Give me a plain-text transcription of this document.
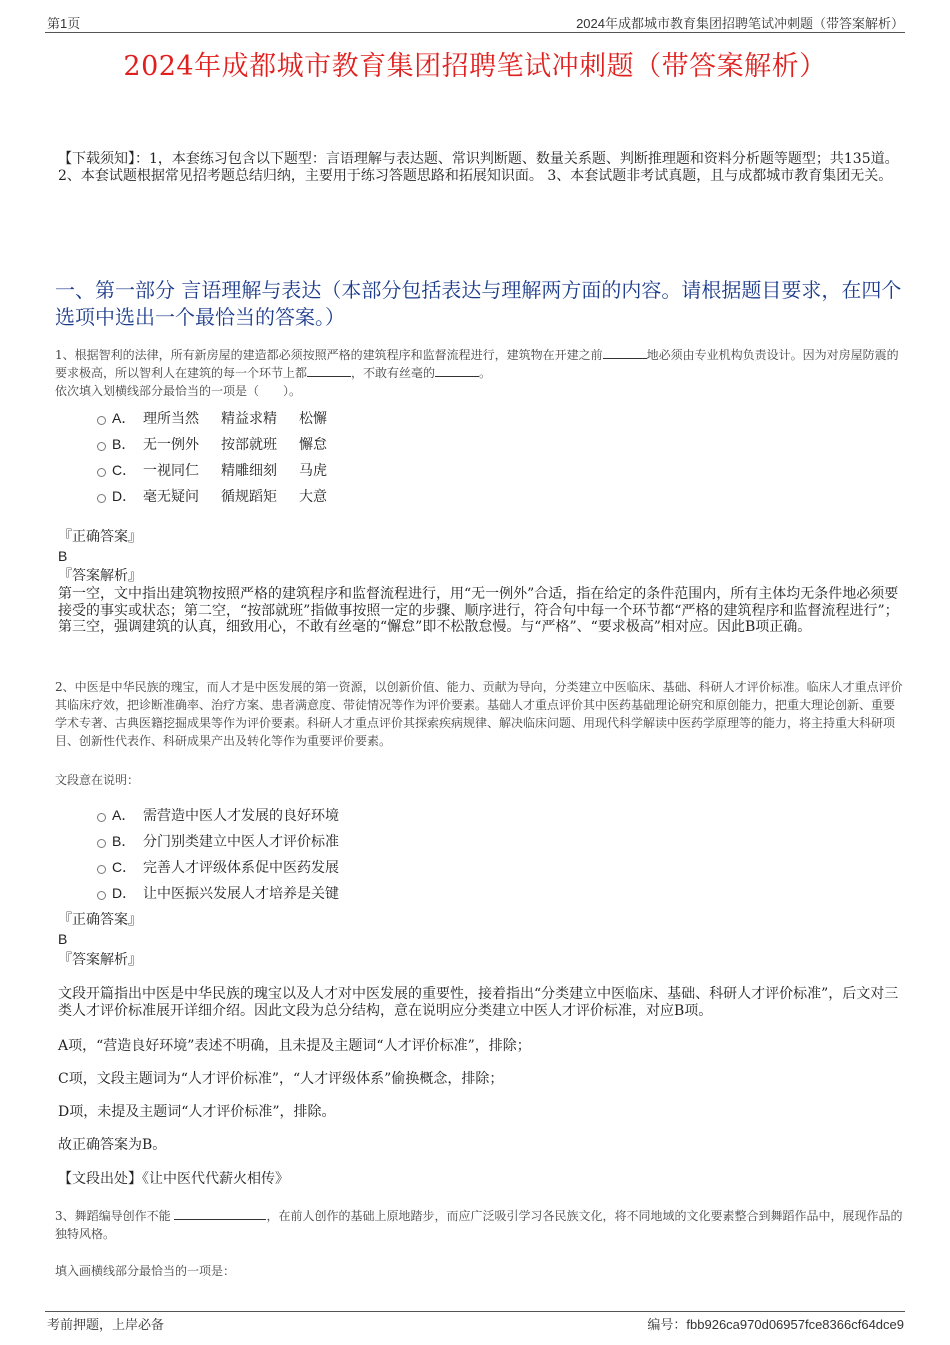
第1页	2024年成都城市教育集团招聘笔试冲刺题（带答案解析）
2024年成都城市教育集团招聘笔试冲刺题（带答案解析）
【下载须知】：1，本套练习包含以下题型：言语理解与表达题、常识判断题、数量关系题、判断推理题和资料分析题等题型；共135道。 2、本套试题根据常见招考题总结归纳，主要用于练习答题思路和拓展知识面。 3、本套试题非考试真题，且与成都城市教育集团无关。
一、第一部分 言语理解与表达（本部分包括表达与理解两方面的内容。请根据题目要求，在四个选项中选出一个最恰当的答案。）
1、根据智利的法律，所有新房屋的建造都必须按照严格的建筑程序和监督流程进行，建筑物在开建之前	地必须由专业机构负责设计。因为对房屋防震的要求极高，所以智利人在建筑的每一个环节上都	，不敢有丝毫的	。
依次填入划横线部分最恰当的一项是（　　）。
A． 理所当然	精益求精	松懈
B． 无一例外	按部就班	懈怠
C． 一视同仁	精雕细刻	马虎
D． 毫无疑问	循规蹈矩	大意
『正确答案』
B
『答案解析』
第一空，文中指出建筑物按照严格的建筑程序和监督流程进行，用“无一例外”合适，指在给定的条件范围内，所有主体均无条件地必须要接受的事实或状态；第二空，“按部就班”指做事按照一定的步骤、顺序进行，符合句中每一个环节都“严格的建筑程序和监督流程进行”；第三空，强调建筑的认真，细致用心，不敢有丝毫的“懈怠”即不松散怠慢。与“严格”、“要求极高”相对应。因此B项正确。
2、中医是中华民族的瑰宝，而人才是中医发展的第一资源，以创新价值、能力、贡献为导向，分类建立中医临床、基础、科研人才评价标准。临床人才重点评价其临床疗效，把诊断准确率、治疗方案、患者满意度、带徒情况等作为评价要素。基础人才重点评价其中医药基础理论研究和原创能力，把重大理论创新、重要学术专著、古典医籍挖掘成果等作为评价要素。科研人才重点评价其探索疾病规律、解决临床问题、用现代科学解读中医药学原理等的能力，将主持重大科研项目、创新性代表作、科研成果产出及转化等作为重要评价要素。
文段意在说明：
A． 需营造中医人才发展的良好环境
B． 分门别类建立中医人才评价标准
C． 完善人才评级体系促中医药发展
D． 让中医振兴发展人才培养是关键
『正确答案』
B
『答案解析』
文段开篇指出中医是中华民族的瑰宝以及人才对中医发展的重要性，接着指出“分类建立中医临床、基础、科研人才评价标准”，后文对三类人才评价标准展开详细介绍。因此文段为总分结构，意在说明应分类建立中医人才评价标准，对应B项。
A项，“营造良好环境”表述不明确，且未提及主题词“人才评价标准”，排除；
C项，文段主题词为“人才评价标准”，“人才评级体系”偷换概念，排除；
D项，未提及主题词“人才评价标准”，排除。
故正确答案为B。
【文段出处】《让中医代代薪火相传》
3、舞蹈编导创作不能	，在前人创作的基础上原地踏步，而应广泛吸引学习各民族文化，将不同地域的文化要素整合到舞蹈作品中，展现作品的独特风格。
填入画横线部分最恰当的一项是：
考前押题，上岸必备	编号：fbb926ca970d06957fce8366cf64dce9
